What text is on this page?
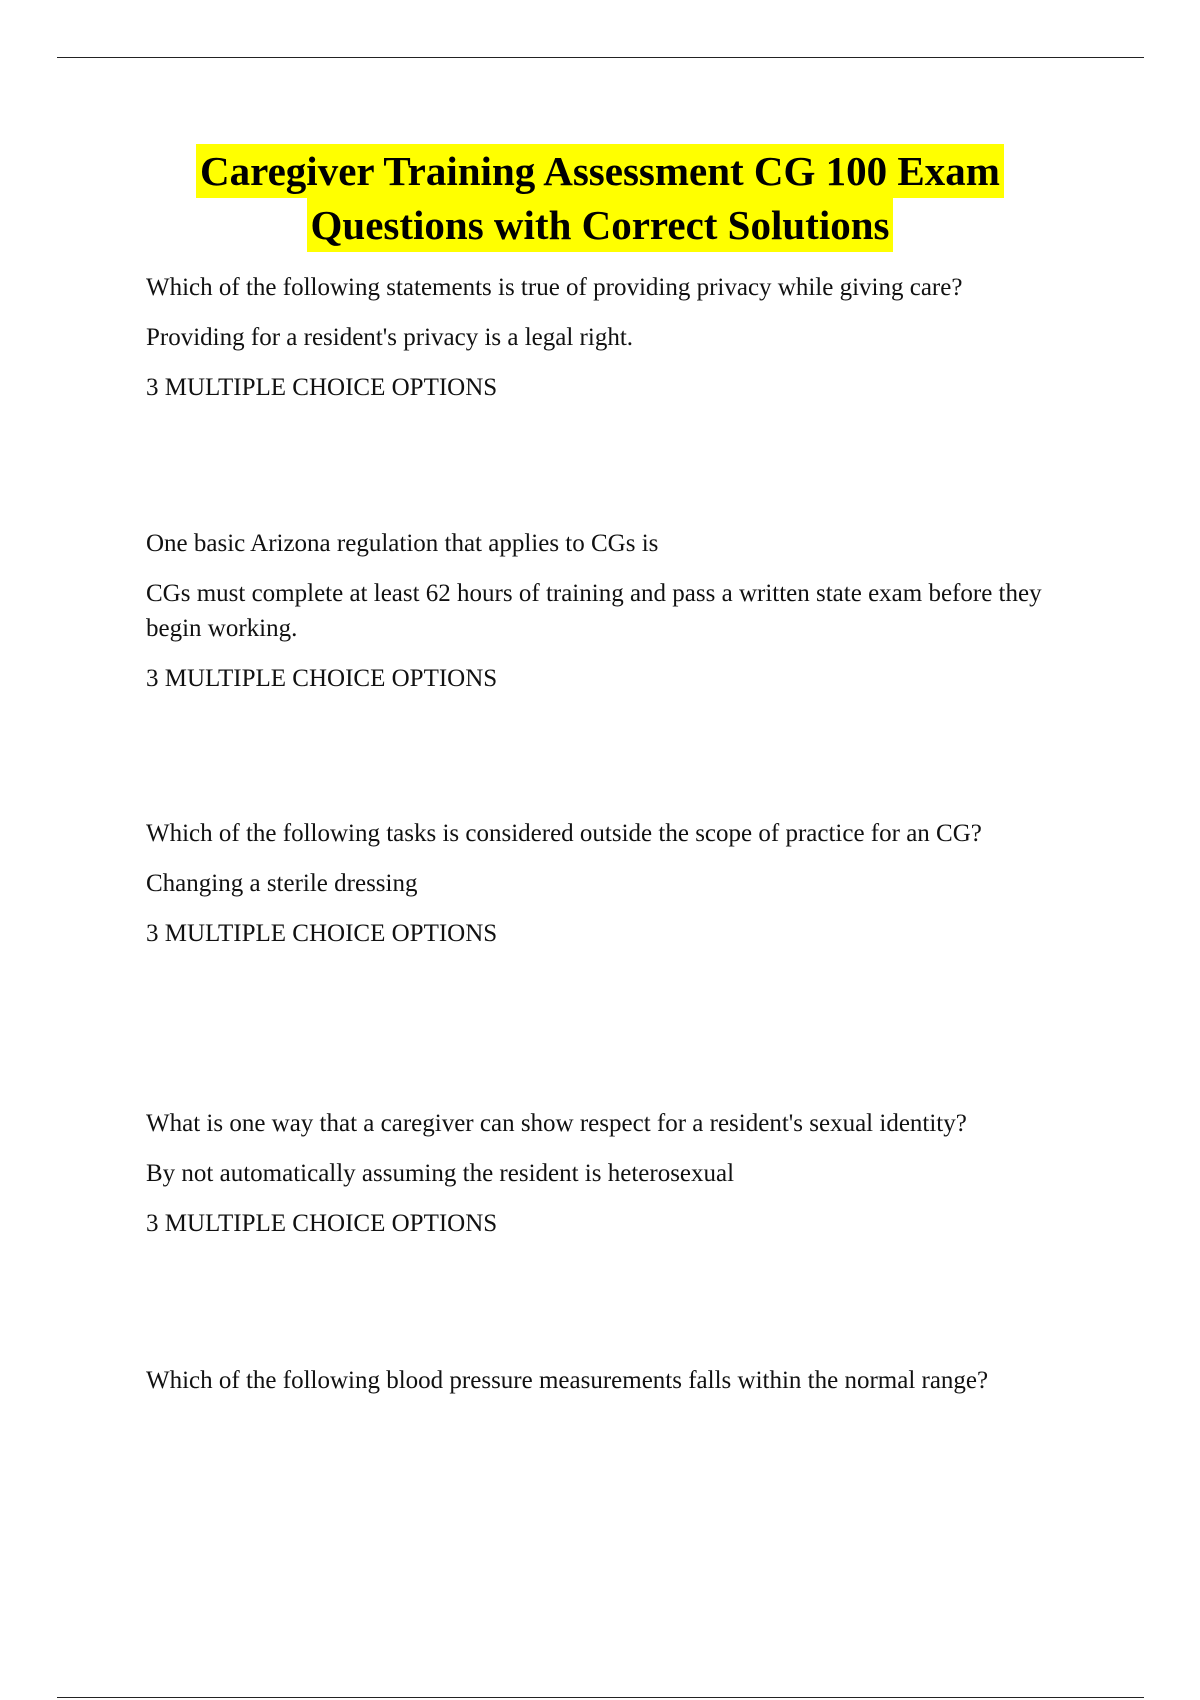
Caregiver Training Assessment CG 100 Exam
Questions with Correct Solutions

Which of the following statements is true of providing privacy while giving care?

Providing for a resident's privacy is a legal right.

3 MULTIPLE CHOICE OPTIONS

One basic Arizona regulation that applies to CGs is

CGs must complete at least 62 hours of training and pass a written state exam before they begin working.

3 MULTIPLE CHOICE OPTIONS

Which of the following tasks is considered outside the scope of practice for an CG?

Changing a sterile dressing

3 MULTIPLE CHOICE OPTIONS

What is one way that a caregiver can show respect for a resident's sexual identity?

By not automatically assuming the resident is heterosexual

3 MULTIPLE CHOICE OPTIONS

Which of the following blood pressure measurements falls within the normal range?
